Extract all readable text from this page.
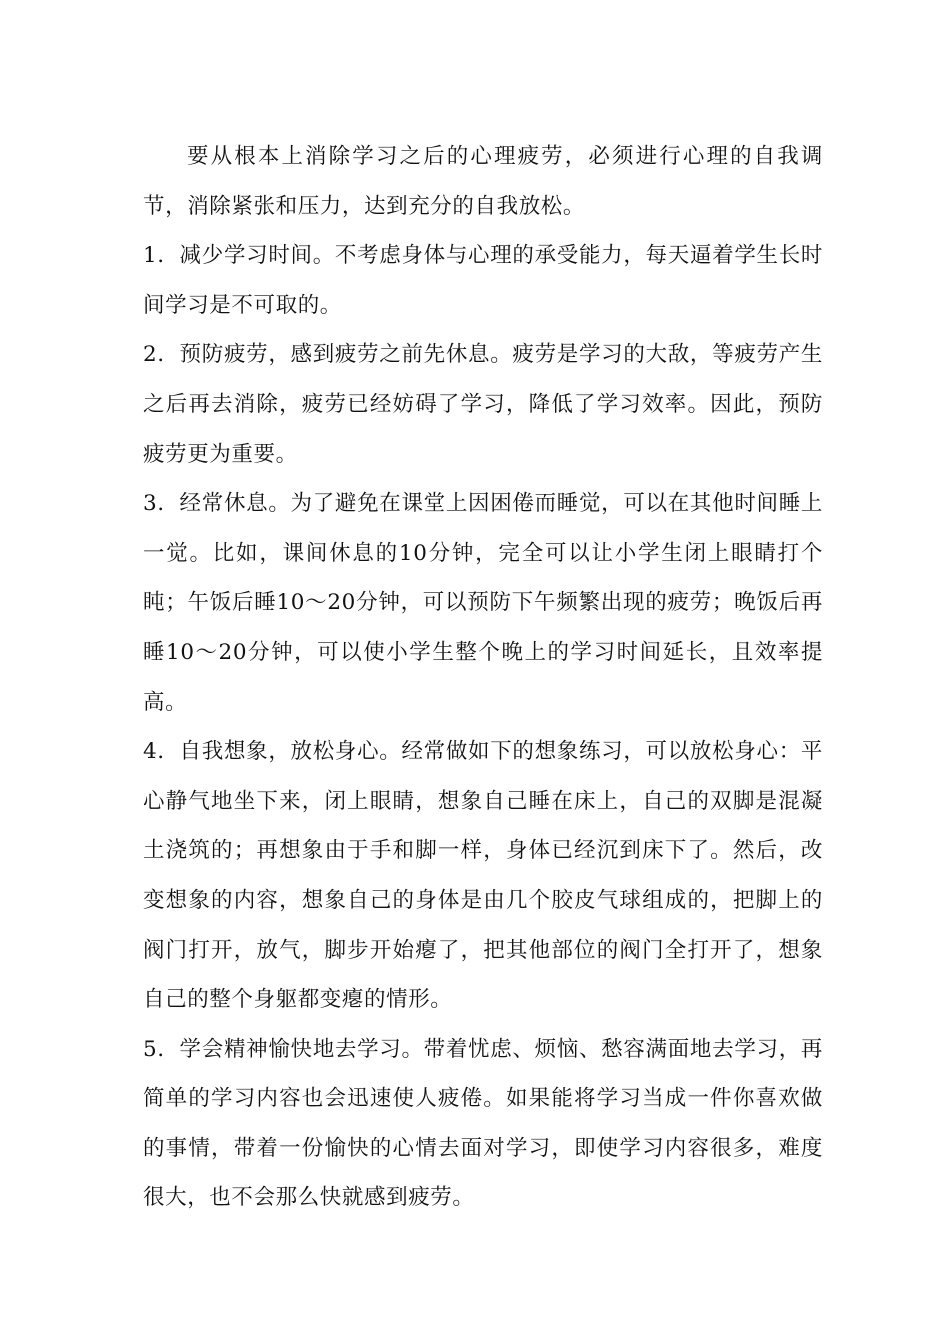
要从根本上消除学习之后的心理疲劳，必须进行心理的自我调节，消除紧张和压力，达到充分的自我放松。

1．减少学习时间。不考虑身体与心理的承受能力，每天逼着学生长时间学习是不可取的。

2．预防疲劳，感到疲劳之前先休息。疲劳是学习的大敌，等疲劳产生之后再去消除，疲劳已经妨碍了学习，降低了学习效率。因此，预防疲劳更为重要。

3．经常休息。为了避免在课堂上因困倦而睡觉，可以在其他时间睡上一觉。比如，课间休息的10分钟，完全可以让小学生闭上眼睛打个盹；午饭后睡10～20分钟，可以预防下午频繁出现的疲劳；晚饭后再睡10～20分钟，可以使小学生整个晚上的学习时间延长，且效率提高。

4．自我想象，放松身心。经常做如下的想象练习，可以放松身心：平心静气地坐下来，闭上眼睛，想象自己睡在床上，自己的双脚是混凝土浇筑的；再想象由于手和脚一样，身体已经沉到床下了。然后，改变想象的内容，想象自己的身体是由几个胶皮气球组成的，把脚上的阀门打开，放气，脚步开始瘪了，把其他部位的阀门全打开了，想象自己的整个身躯都变瘪的情形。

5．学会精神愉快地去学习。带着忧虑、烦恼、愁容满面地去学习，再简单的学习内容也会迅速使人疲倦。如果能将学习当成一件你喜欢做的事情，带着一份愉快的心情去面对学习，即使学习内容很多，难度很大，也不会那么快就感到疲劳。
